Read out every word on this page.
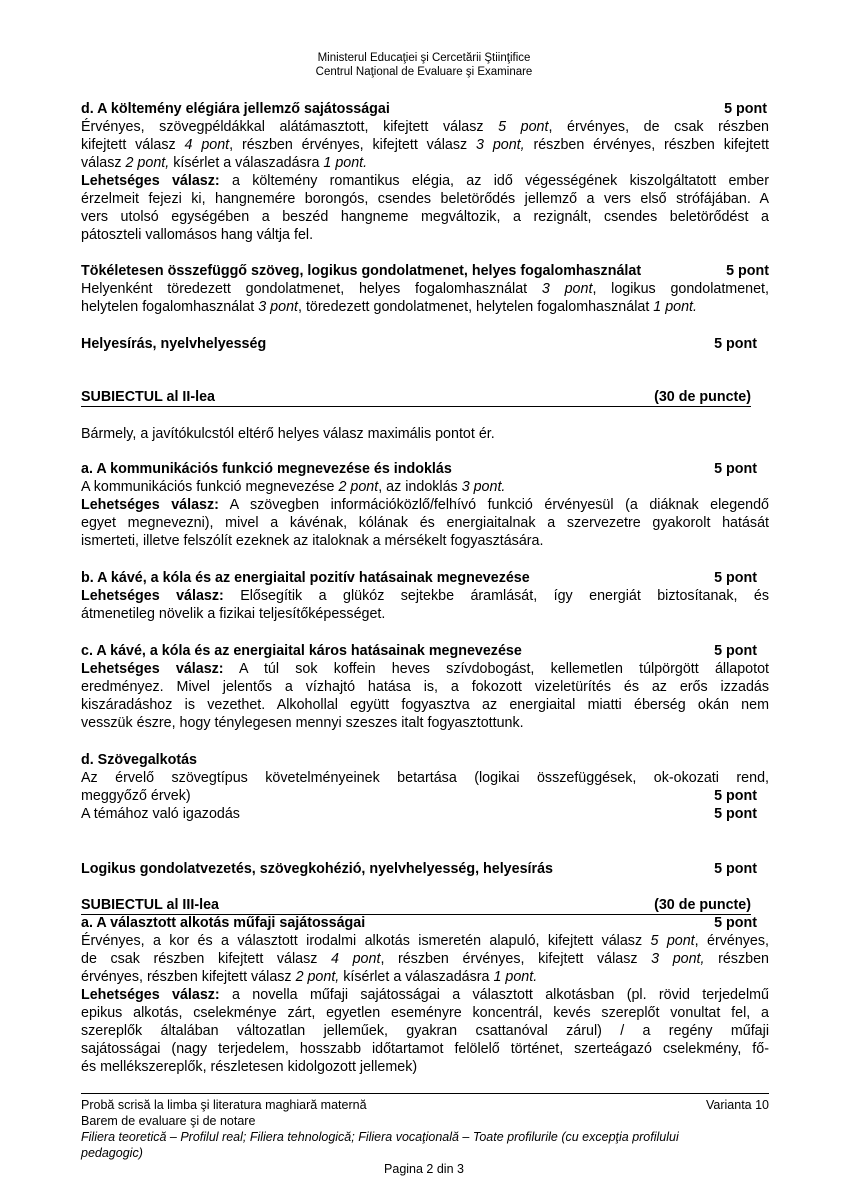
Ministerul Educaţiei şi Cercetării Ştiinţifice
Centrul Naţional de Evaluare şi Examinare
d. A költemény elégiára jellemző sajátosságai	5 pont

Érvényes, szövegpéldákkal alátámasztott, kifejtett válasz 5 pont, érvényes, de csak részben

kifejtett válasz 4 pont, részben érvényes, kifejtett válasz 3 pont, részben érvényes, részben kifejtett

válasz 2 pont, kísérlet a válaszadásra 1 pont.

Lehetséges válasz: a költemény romantikus elégia, az idő végességének kiszolgáltatott ember

érzelmeit fejezi ki, hangnemére borongós, csendes beletörődés jellemző a vers első strófájában. A

vers utolsó egységében a beszéd hangneme megváltozik, a rezignált, csendes beletörődést a

pátoszteli vallomásos hang váltja fel.

Tökéletesen összefüggő szöveg, logikus gondolatmenet, helyes fogalomhasználat	5 pont

Helyenként töredezett gondolatmenet, helyes fogalomhasználat 3 pont, logikus gondolatmenet,

helytelen fogalomhasználat 3 pont, töredezett gondolatmenet, helytelen fogalomhasználat 1 pont.

Helyesírás, nyelvhelyesség	5 pont
SUBIECTUL al II-lea	(30 de puncte)
Bármely, a javítókulcstól eltérő helyes válasz maximális pontot ér.
a. A kommunikációs funkció megnevezése és indoklás	5 pont
A kommunikációs funkció megnevezése 2 pont, az indoklás 3 pont.

Lehetséges válasz: A szövegben információközlő/felhívó funkció érvényesül (a diáknak elegendő

egyet megnevezni), mivel a kávénak, kólának és energiaitalnak a szervezetre gyakorolt hatását

ismerteti, illetve felszólít ezeknek az italoknak a mérsékelt fogyasztására.

b. A kávé, a kóla és az energiaital pozitív hatásainak megnevezése	5 pont

Lehetséges válasz: Elősegítik a glükóz sejtekbe áramlását, így energiát biztosítanak, és

átmenetileg növelik a fizikai teljesítőképességet.

c. A kávé, a kóla és az energiaital káros hatásainak megnevezése	5 pont

Lehetséges válasz: A túl sok koffein heves szívdobogást, kellemetlen túlpörgött állapotot

eredményez. Mivel jelentős a vízhajtó hatása is, a fokozott vizeletürítés és az erős izzadás

kiszáradáshoz is vezethet. Alkohollal együtt fogyasztva az energiaital miatti éberség okán nem

vesszük észre, hogy ténylegesen mennyi szeszes italt fogyasztottunk.

d. Szövegalkotás

Az érvelő szövegtípus követelményeinek betartása (logikai összefüggések, ok-okozati rend,

meggyőző érvek)	5 pont
A témához való igazodás	5 pont
Logikus gondolatvezetés, szövegkohézió, nyelvhelyesség, helyesírás	5 pont
SUBIECTUL al III-lea	(30 de puncte)
a. A választott alkotás műfaji sajátosságai	5 pont

Érvényes, a kor és a választott irodalmi alkotás ismeretén alapuló, kifejtett válasz 5 pont, érvényes,

de csak részben kifejtett válasz 4 pont, részben érvényes, kifejtett válasz 3 pont, részben

érvényes, részben kifejtett válasz 2 pont, kísérlet a válaszadásra 1 pont.

Lehetséges válasz: a novella műfaji sajátosságai a választott alkotásban (pl. rövid terjedelmű

epikus alkotás, cselekménye zárt, egyetlen eseményre koncentrál, kevés szereplőt vonultat fel, a

szereplők általában változatlan jelleműek, gyakran csattanóval zárul) / a regény műfaji

sajátosságai (nagy terjedelem, hosszabb időtartamot felölelő történet, szerteágazó cselekmény, fő-

és mellékszereplők, részletesen kidolgozott jellemek)

Probă scrisă la limba şi literatura maghiară maternă	Varianta 10
Barem de evaluare şi de notare
Filiera teoretică – Profilul real; Filiera tehnologică; Filiera vocaţională – Toate profilurile (cu excepţia profilului
pedagogic)
Pagina 2 din 3
